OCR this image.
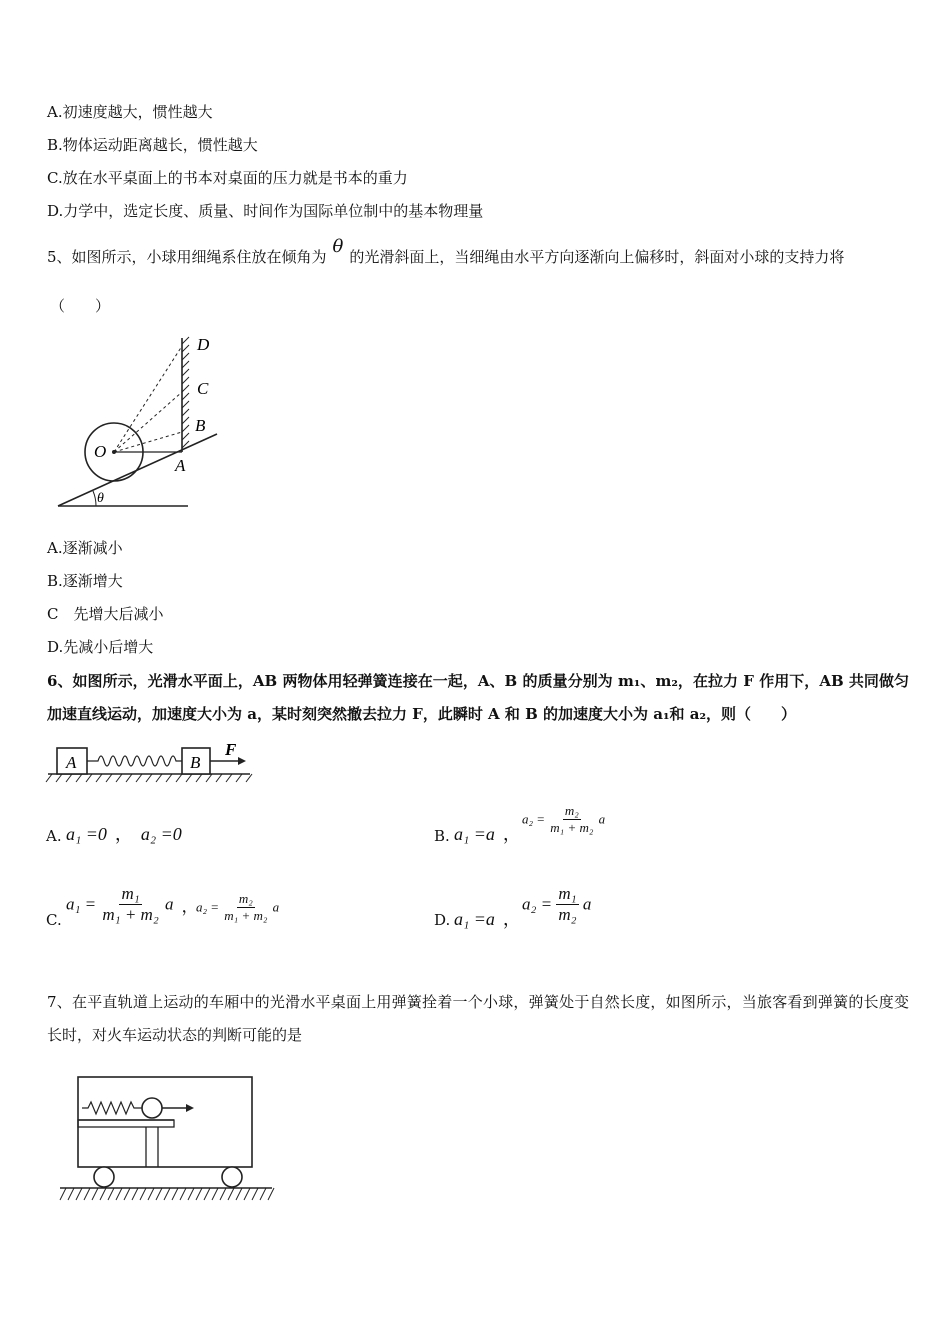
A.初速度越大，惯性越大
B.物体运动距离越长，惯性越大
C.放在水平桌面上的书本对桌面的压力就是书本的重力
D.力学中，选定长度、质量、时间作为国际单位制中的基本物理量
5、如图所示，小球用细绳系住放在倾角为 θ 的光滑斜面上，当细绳由水平方向逐渐向上偏移时，斜面对小球的支持力将
（　　）
D
C
B
A
O
θ
A.逐渐减小
B.逐渐增大
C　先增大后减小
D.先减小后增大
6、如图所示，光滑水平面上，AB 两物体用轻弹簧连接在一起，A、B 的质量分别为 m₁、m₂，在拉力 F 作用下，AB 共同做匀加速直线运动，加速度大小为 a，某时刻突然撤去拉力 F，此瞬时 A 和 B 的加速度大小为 a₁和 a₂，则（　　）
A	B
F
A. a₁ =0 ， a₂ =0	B. a₁ =a ，
$a_2 = \frac{\text{m₂}}{\text{m₁ + m₂}}$ a
C.
$a_1 = \frac{\text{m₁}}{\text{m₁ + m₂}}$ a ，
$a_2 = \frac{\text{m₂}}{\text{m₁ + m₂}}$ a
D. a₁ =a ，
$a_2 = \frac{\text{m₁}}{\text{m₂}}$ a
7、在平直轨道上运动的车厢中的光滑水平桌面上用弹簧拴着一个小球，弹簧处于自然长度，如图所示，当旅客看到弹簧的长度变长时，对火车运动状态的判断可能的是
